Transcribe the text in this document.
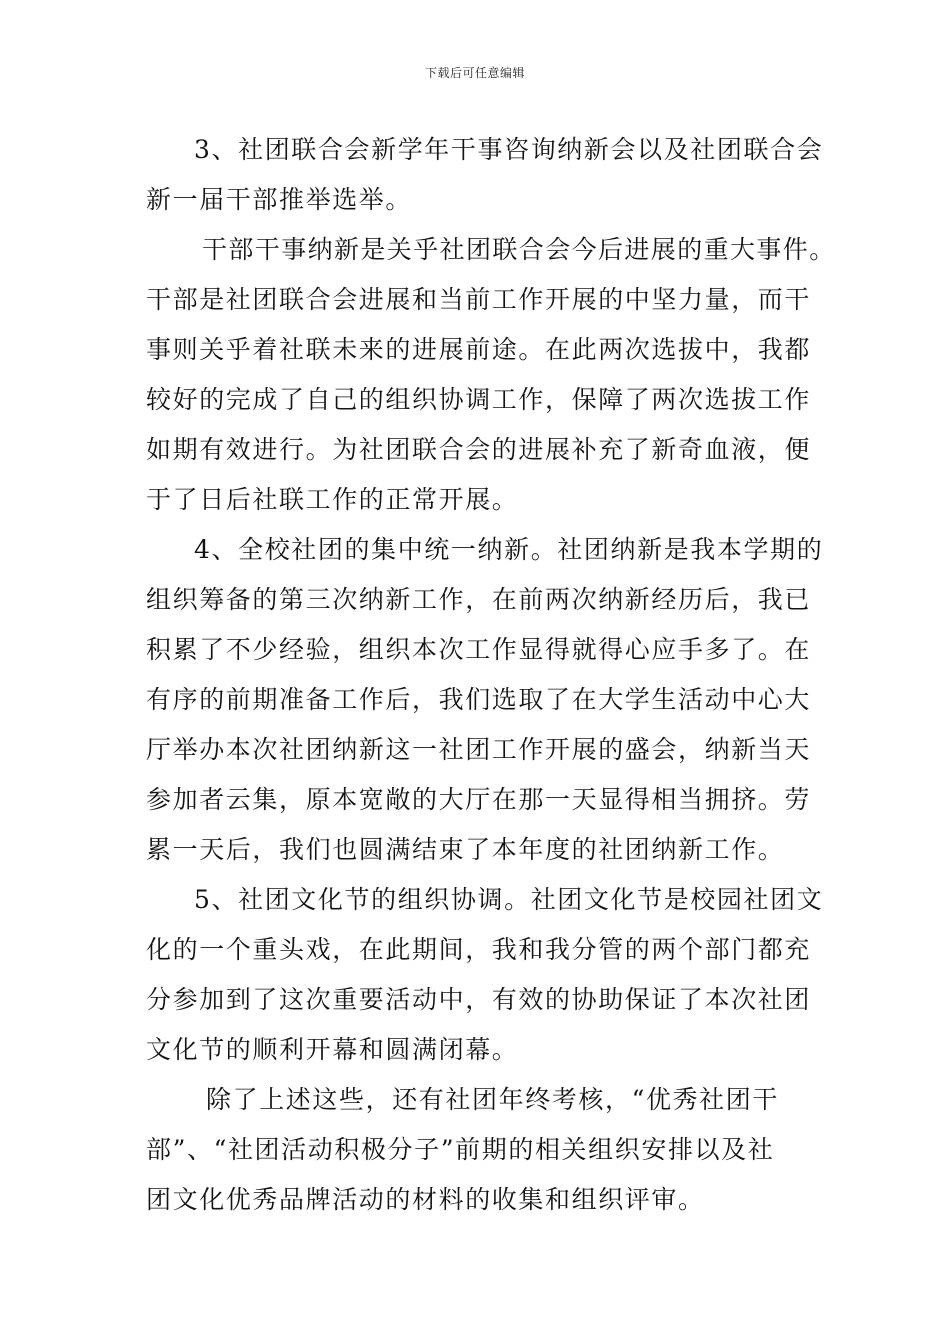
下载后可任意编辑
3、社团联合会新学年干事咨询纳新会以及社团联合会
新一届干部推举选举。
干部干事纳新是关乎社团联合会今后进展的重大事件。
干部是社团联合会进展和当前工作开展的中坚力量，而干
事则关乎着社联未来的进展前途。在此两次选拔中，我都
较好的完成了自己的组织协调工作，保障了两次选拔工作
如期有效进行。为社团联合会的进展补充了新奇血液，便
于了日后社联工作的正常开展。
4、全校社团的集中统一纳新。社团纳新是我本学期的
组织筹备的第三次纳新工作，在前两次纳新经历后，我已
积累了不少经验，组织本次工作显得就得心应手多了。在
有序的前期准备工作后，我们选取了在大学生活动中心大
厅举办本次社团纳新这一社团工作开展的盛会，纳新当天
参加者云集，原本宽敞的大厅在那一天显得相当拥挤。劳
累一天后，我们也圆满结束了本年度的社团纳新工作。
5、社团文化节的组织协调。社团文化节是校园社团文
化的一个重头戏，在此期间，我和我分管的两个部门都充
分参加到了这次重要活动中，有效的协助保证了本次社团
文化节的顺利开幕和圆满闭幕。
除了上述这些，还有社团年终考核，“优秀社团干
部”、“社团活动积极分子”前期的相关组织安排以及社
团文化优秀品牌活动的材料的收集和组织评审。
